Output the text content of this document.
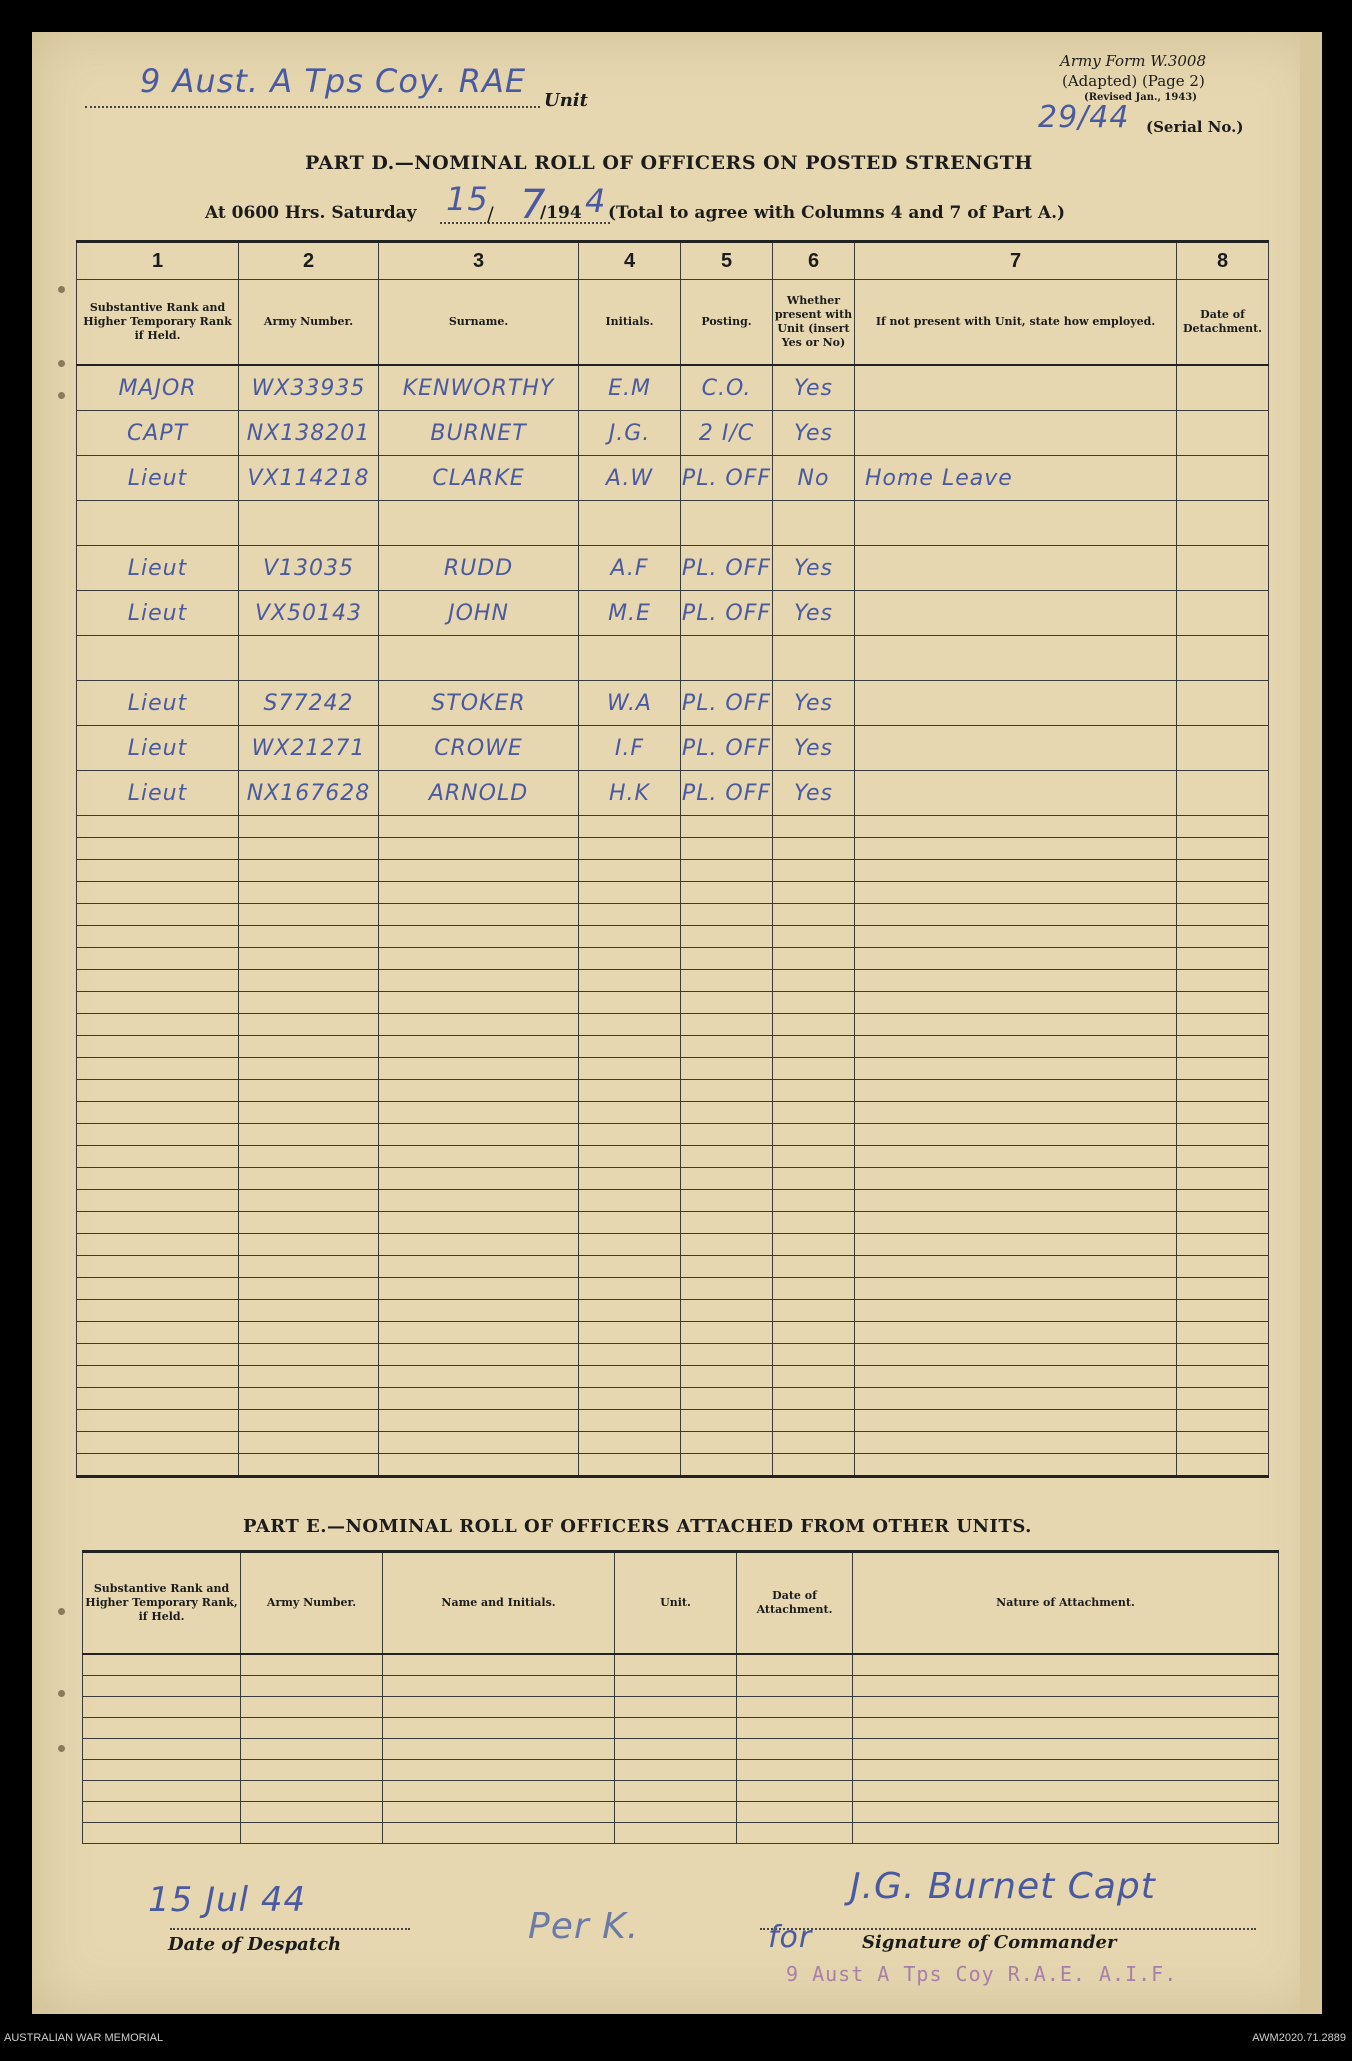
9 Aust. A Tps Coy. RAE
Unit
Army Form W.3008
(Adapted) (Page 2)
(Revised Jan., 1943)
29/44 (Serial No.)
PART D.—NOMINAL ROLL OF OFFICERS ON POSTED STRENGTH
At 0600 Hrs. Saturday 15
/ 7
/194 4 (Total to agree with Columns 4 and 7 of Part A.)
1	2	3	4	5	6	7	8
Substantive Rank and Higher Temporary Rank if Held.	Army Number.	Surname.	Initials.	Posting.	Whether present with Unit (insert Yes or No)	If not present with Unit, state how employed.	Date of Detachment.
MAJOR	WX33935	KENWORTHY	E.M	C.O.	Yes		
CAPT	NX138201	BURNET	J.G.	2 I/C	Yes		
Lieut	VX114218	CLARKE	A.W	PL. OFF	No	Home Leave	

Lieut	V13035	RUDD	A.F	PL. OFF	Yes		
Lieut	VX50143	JOHN	M.E	PL. OFF	Yes		

Lieut	S77242	STOKER	W.A	PL. OFF	Yes		
Lieut	WX21271	CROWE	I.F	PL. OFF	Yes		
Lieut	NX167628	ARNOLD	H.K	PL. OFF	Yes		

PART E.—NOMINAL ROLL OF OFFICERS ATTACHED FROM OTHER UNITS.
Substantive Rank and Higher Temporary Rank, if Held.	Army Number.	Name and Initials.	Unit.	Date of Attachment.	Nature of Attachment.

15 Jul 44
Date of Despatch	Per K.
J.G. Burnet Capt
for	Signature of Commander
9 Aust A Tps Coy R.A.E. A.I.F.
AUSTRALIAN WAR MEMORIAL	AWM2020.71.2889
